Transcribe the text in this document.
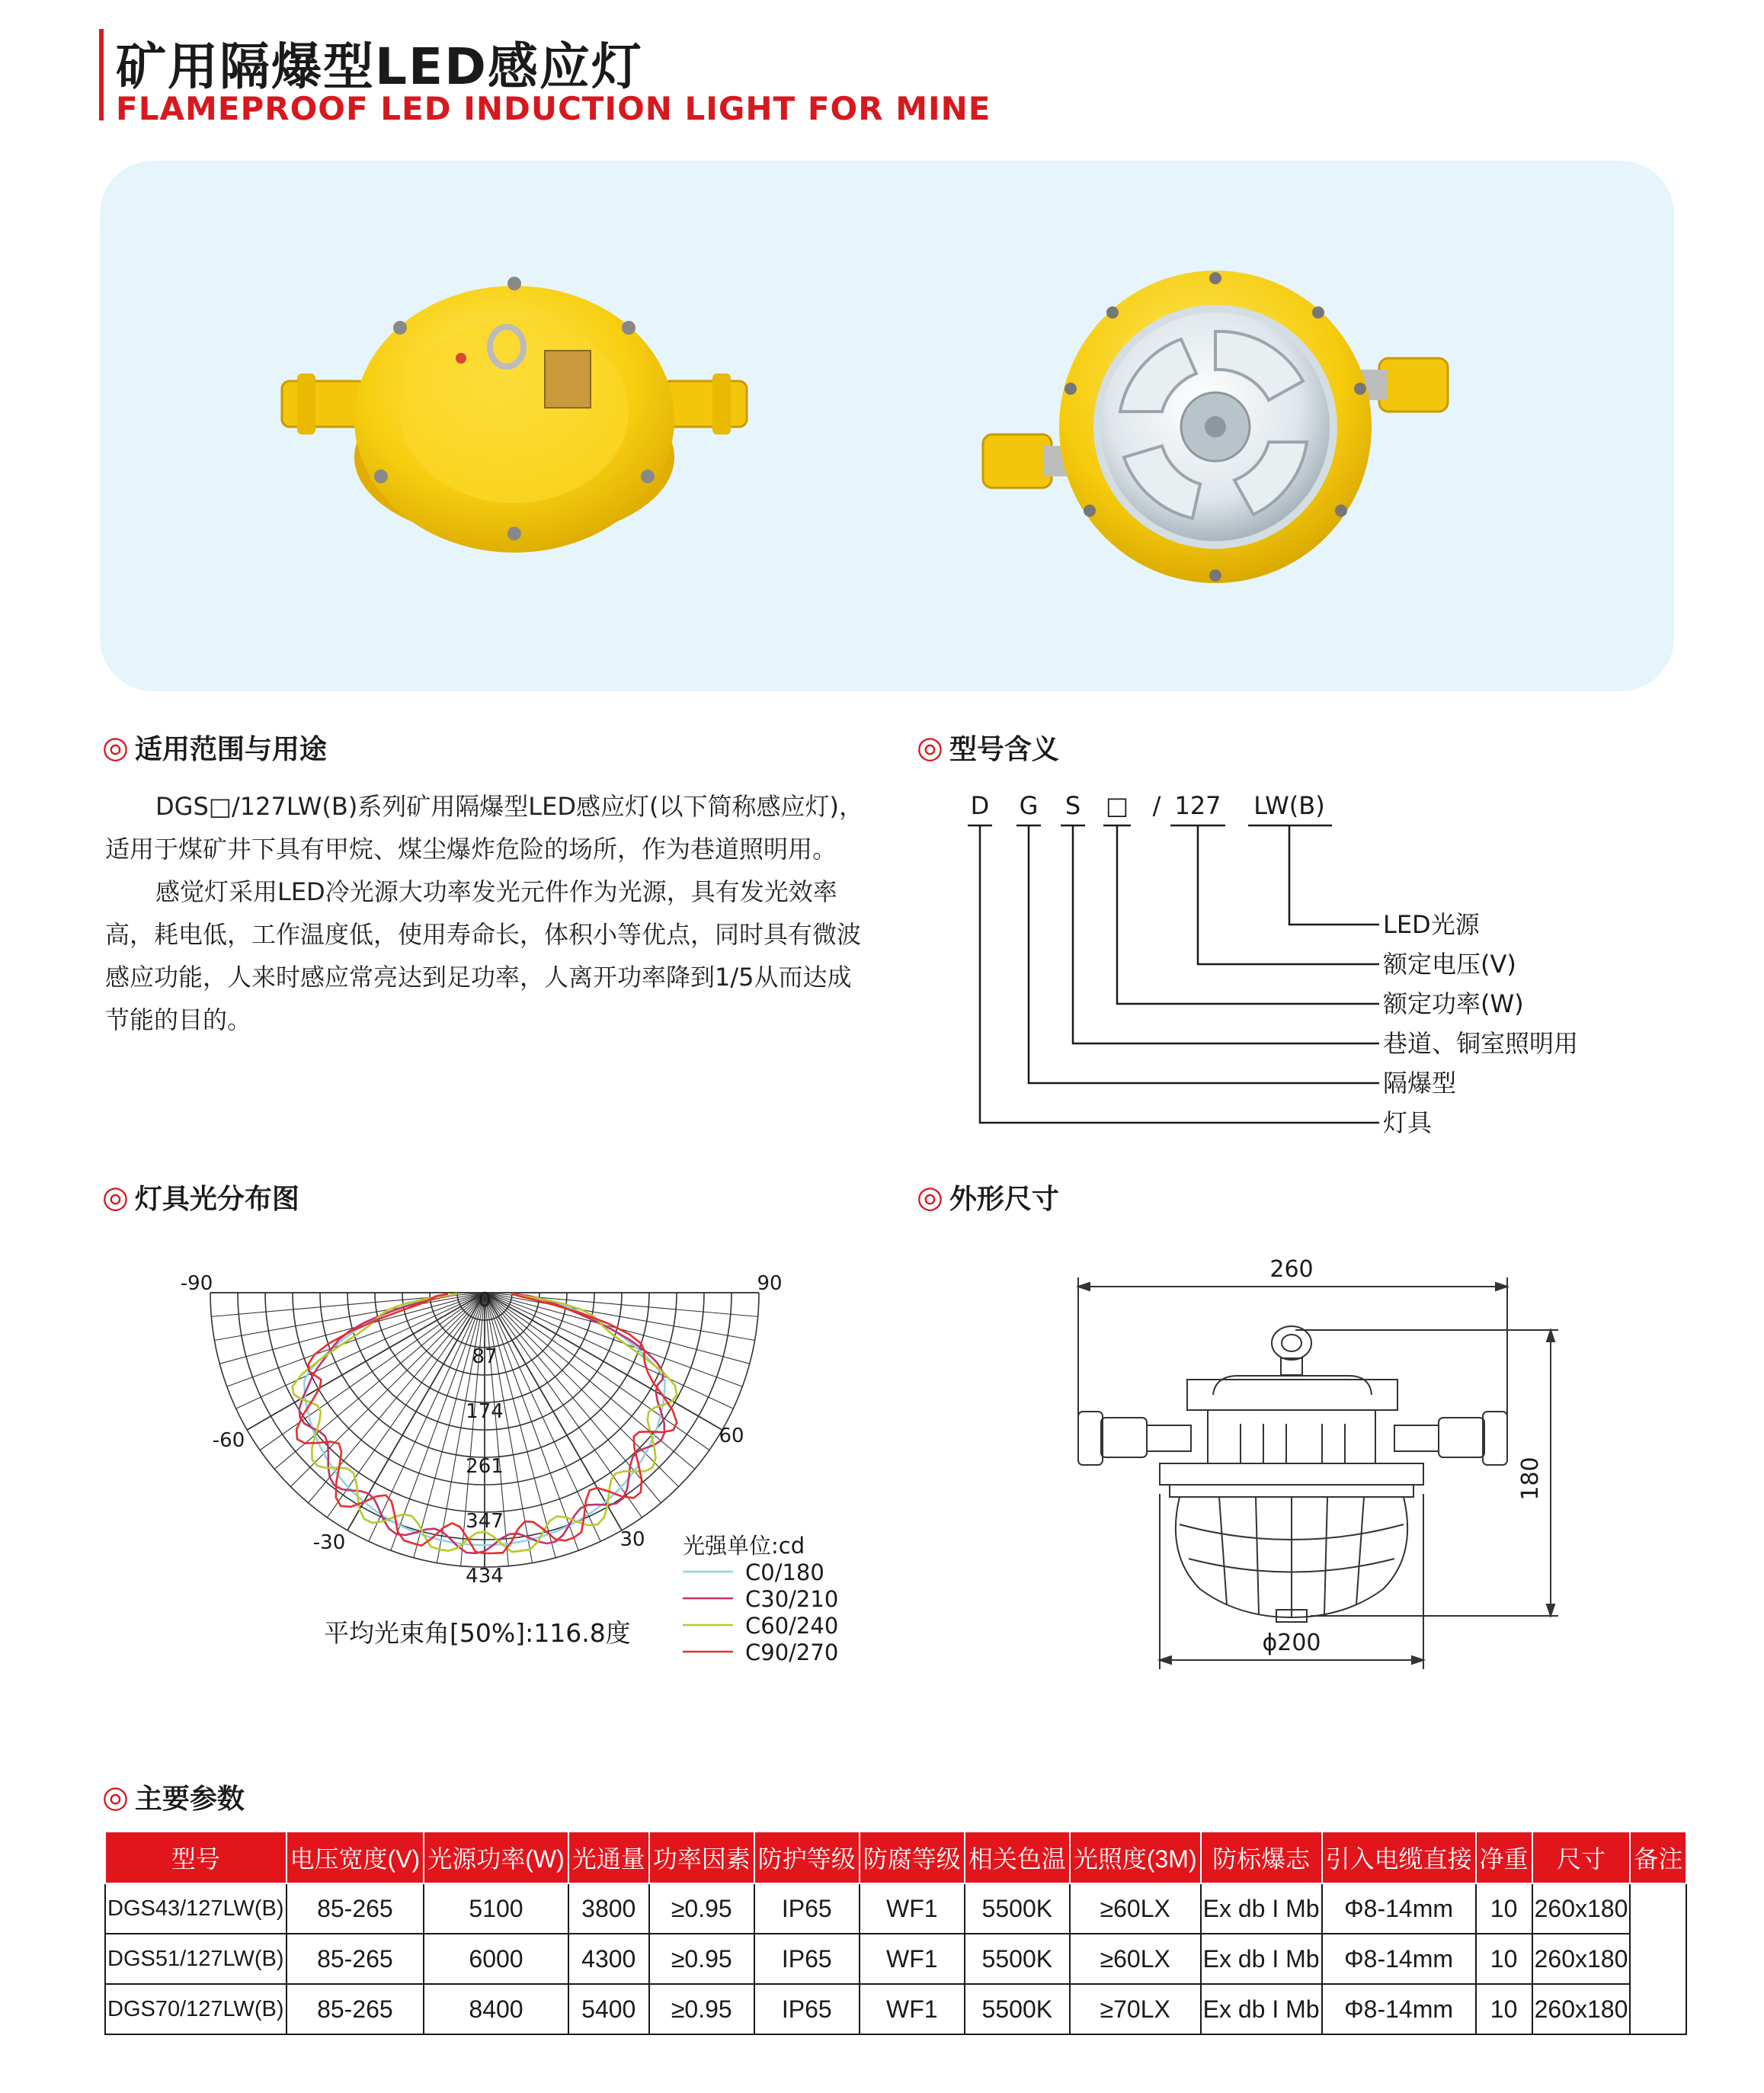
矿用隔爆型LED感应灯
FLAMEPROOF LED INDUCTION LIGHT FOR MINE
◎ 适用范围与用途

DGS□/127LW(B)系列矿用隔爆型LED感应灯(以下简称感应灯)，适用于煤矿井下具有甲烷、煤尘爆炸危险的场所，作为巷道照明用。

感觉灯采用LED冷光源大功率发光元件作为光源，具有发光效率高，耗电低，工作温度低，使用寿命长，体积小等优点，同时具有微波感应功能，人来时感应常亮达到足功率，人离开功率降到1/5从而达成节能的目的。

◎ 型号含义
D G S □ / 127 LW(B)
LED光源
额定电压(V)
额定功率(W)
巷道、铜室照明用
隔爆型
灯具
◎ 灯具光分布图
-90	90
-60	60
-30	30
0
87
174
261
347
434
光强单位:cd
C0/180
C30/210
C60/240
C90/270
平均光束角[50%]:116.8度
◎ 外形尺寸
260
ϕ200
180
◎ 主要参数
型号	电压宽度(V)	光源功率(W)	光通量	功率因素	防护等级	防腐等级	相关色温	光照度(3M)	防标爆志	引入电缆直接	净重	尺寸	备注
DGS43/127LW(B)	85-265	5100	3800	≥0.95	IP65	WF1	5500K	≥60LX	Ex db I Mb	Φ8-14mm	10	260x180	
DGS51/127LW(B)	85-265	6000	4300	≥0.95	IP65	WF1	5500K	≥60LX	Ex db I Mb	Φ8-14mm	10	260x180	
DGS70/127LW(B)	85-265	8400	5400	≥0.95	IP65	WF1	5500K	≥70LX	Ex db I Mb	Φ8-14mm	10	260x180	
